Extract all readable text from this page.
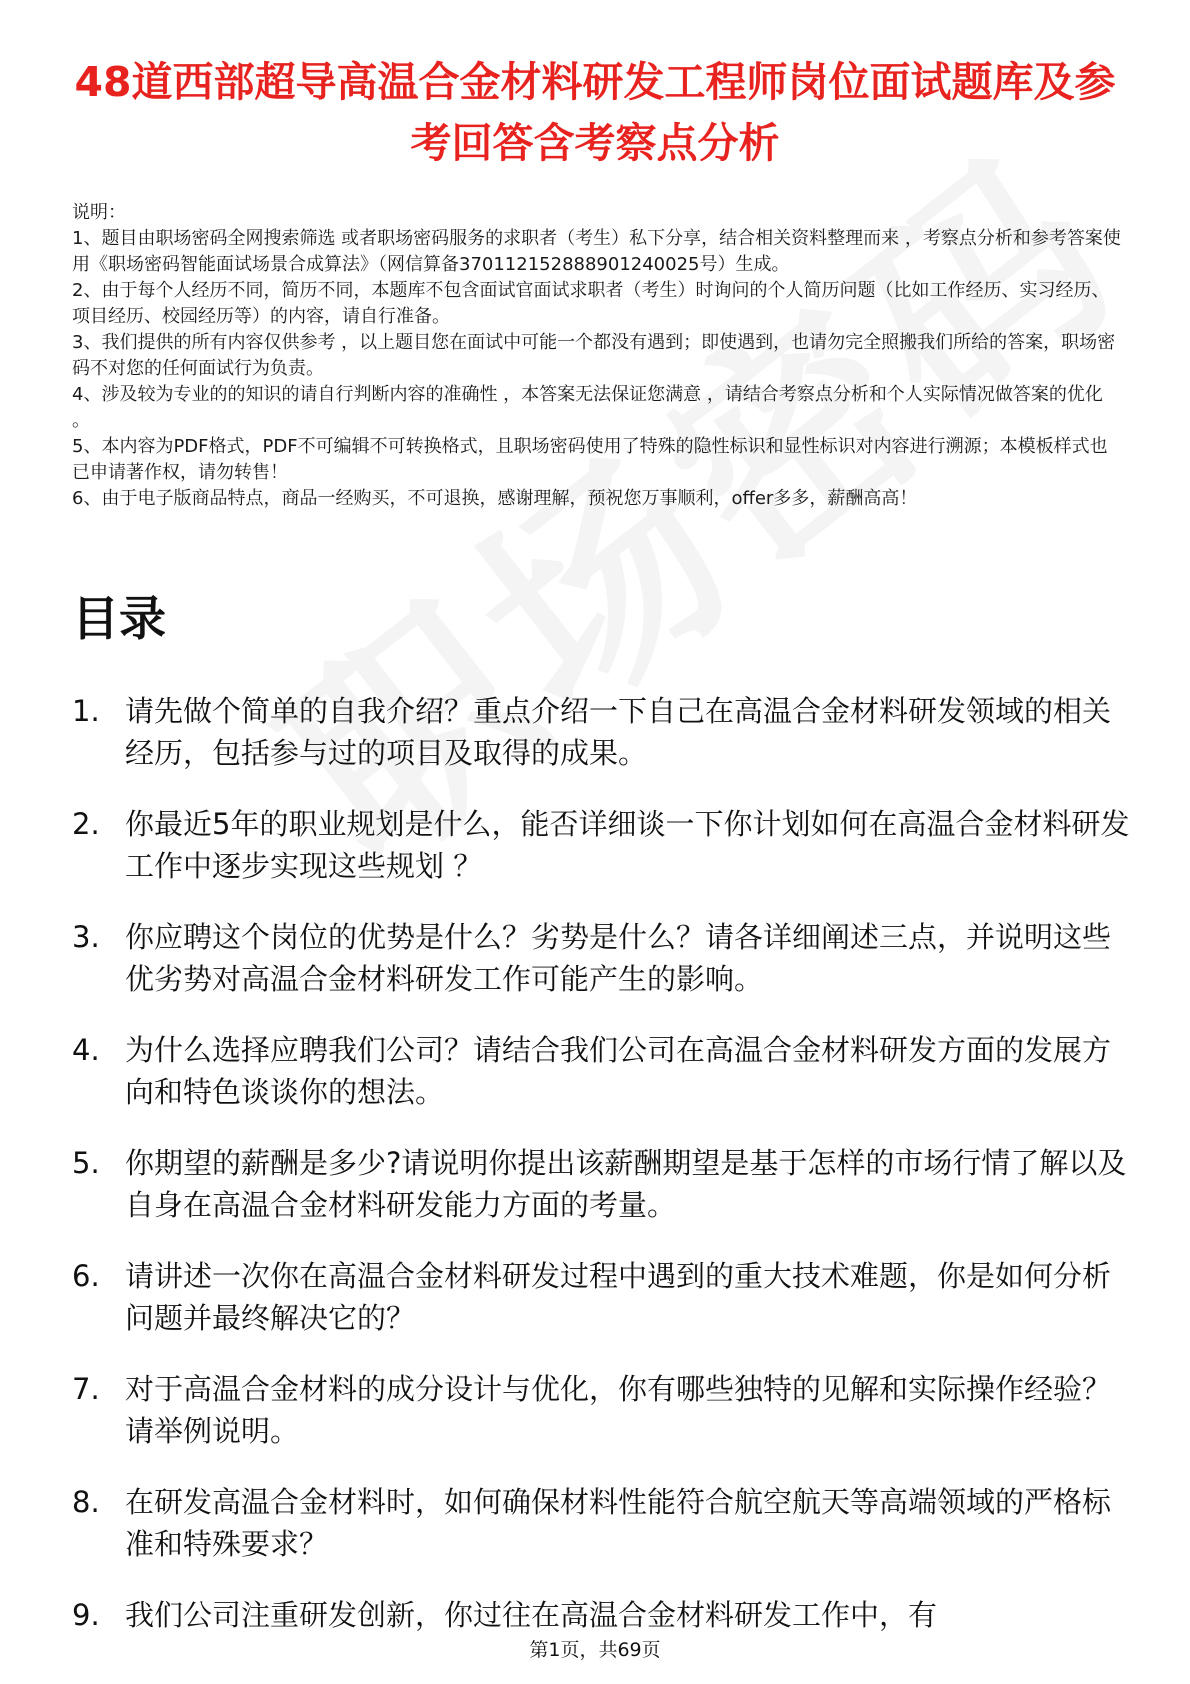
48道西部超导高温合金材料研发工程师岗位面试题库及参考回答含考察点分析

说明：

1、题目由职场密码全网搜索筛选 或者职场密码服务的求职者（考生）私下分享，结合相关资料整理而来 ，考察点分析和参考答案使用《职场密码智能面试场景合成算法》（网信算备370112152888901240025号）生成。

2、由于每个人经历不同，简历不同，本题库不包含面试官面试求职者（考生）时询问的个人简历问题（比如工作经历、实习经历、项目经历、校园经历等）的内容，请自行准备。

3、我们提供的所有内容仅供参考 ，以上题目您在面试中可能一个都没有遇到；即使遇到，也请勿完全照搬我们所给的答案，职场密码不对您的任何面试行为负责。

4、涉及较为专业的的知识的请自行判断内容的准确性 ，本答案无法保证您满意 ，请结合考察点分析和个人实际情况做答案的优化 。

5、本内容为PDF格式，PDF不可编辑不可转换格式，且职场密码使用了特殊的隐性标识和显性标识对内容进行溯源；本模板样式也已申请著作权，请勿转售！

6、由于电子版商品特点，商品一经购买，不可退换，感谢理解，预祝您万事顺利，offer多多，薪酬高高！

目录
1. 请先做个简单的自我介绍？重点介绍一下自己在高温合金材料研发领域的相关经历，包括参与过的项目及取得的成果。
2. 你最近5年的职业规划是什么，能否详细谈一下你计划如何在高温合金材料研发工作中逐步实现这些规划 ？
3. 你应聘这个岗位的优势是什么？劣势是什么？请各详细阐述三点，并说明这些优劣势对高温合金材料研发工作可能产生的影响。
4. 为什么选择应聘我们公司？请结合我们公司在高温合金材料研发方面的发展方向和特色谈谈你的想法。
5. 你期望的薪酬是多少?请说明你提出该薪酬期望是基于怎样的市场行情了解以及自身在高温合金材料研发能力方面的考量。
6. 请讲述一次你在高温合金材料研发过程中遇到的重大技术难题，你是如何分析问题并最终解决它的？
7. 对于高温合金材料的成分设计与优化，你有哪些独特的见解和实际操作经验？请举例说明。
8. 在研发高温合金材料时，如何确保材料性能符合航空航天等高端领域的严格标准和特殊要求？
9. 我们公司注重研发创新，你过往在高温合金材料研发工作中，有
第1页，共69页
